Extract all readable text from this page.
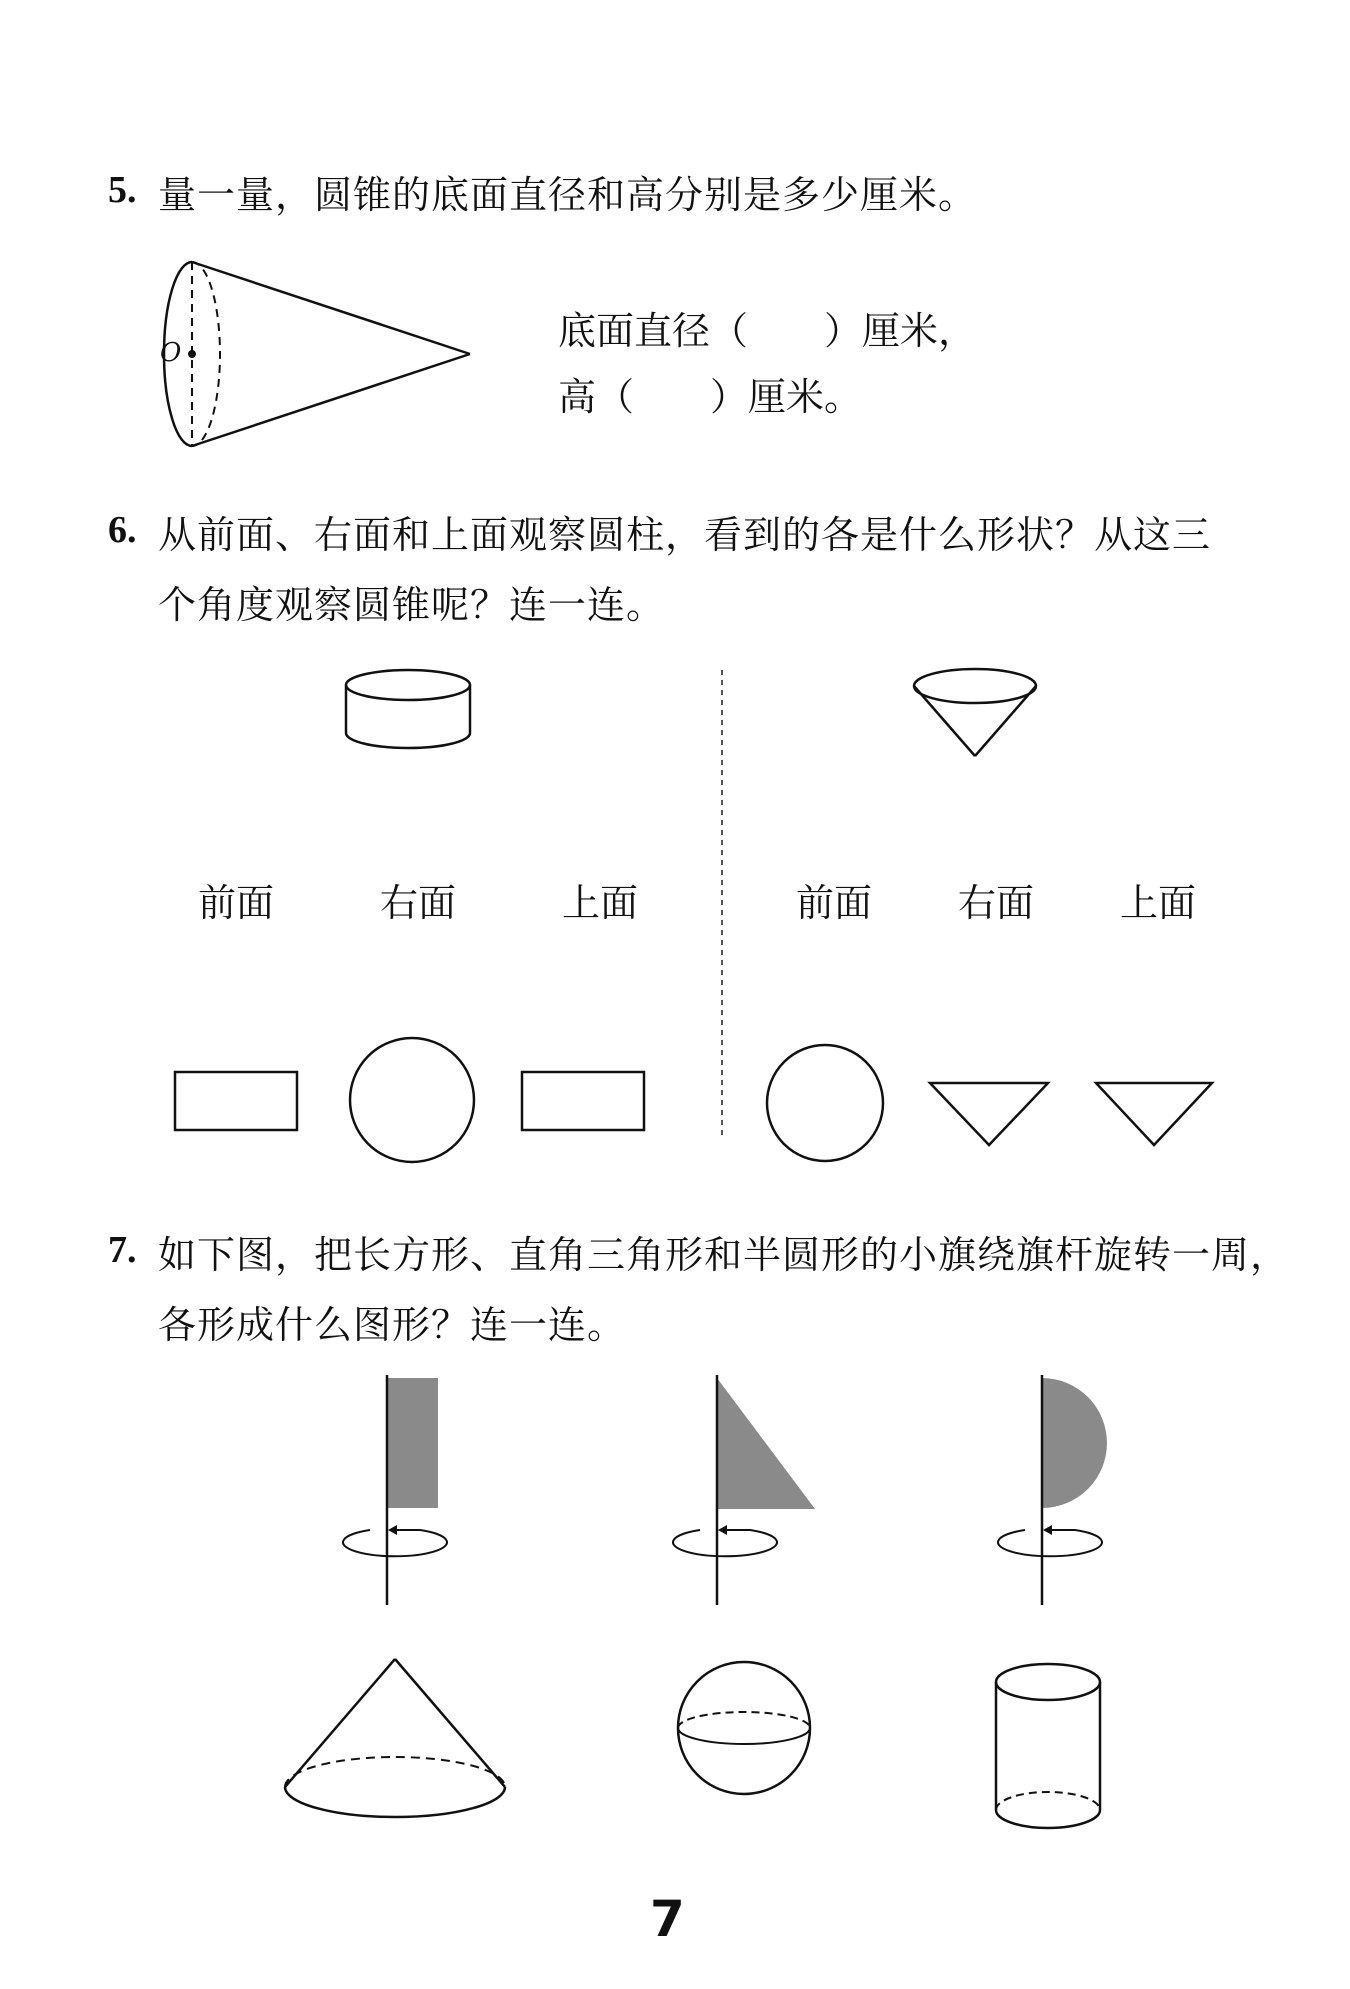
5. 量一量，圆锥的底面直径和高分别是多少厘米。
O	底面直径（　　）厘米，
高（　　）厘米。
6. 从前面、右面和上面观察圆柱，看到的各是什么形状？从这三
个角度观察圆锥呢？连一连。
前面	右面	上面	前面 右面 上面
7. 如下图，把长方形、直角三角形和半圆形的小旗绕旗杆旋转一周，
各形成什么图形？连一连。
7
